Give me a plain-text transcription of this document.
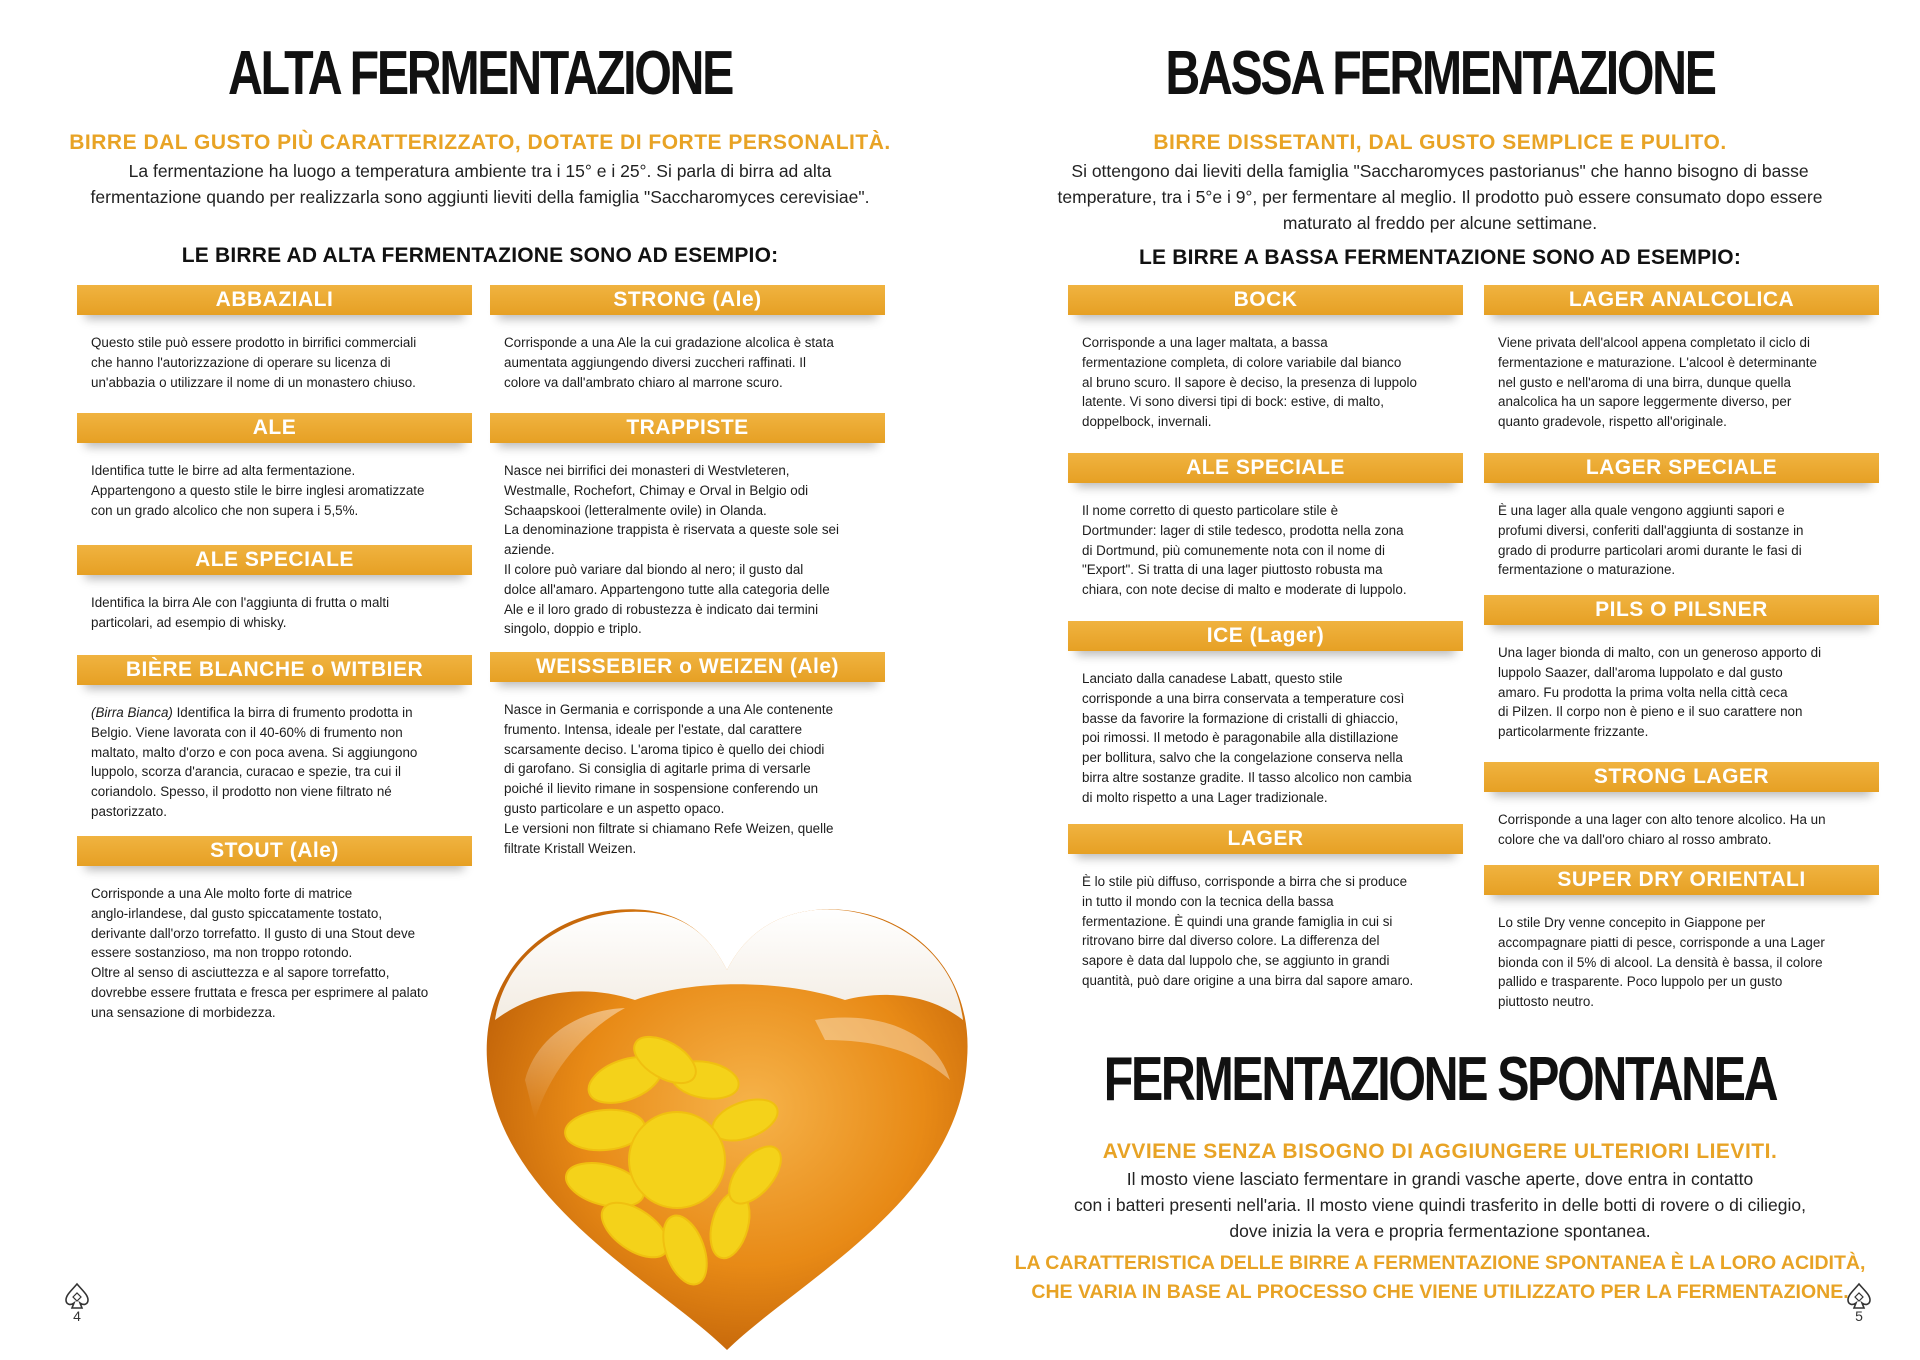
ALTA FERMENTAZIONE
BIRRE DAL GUSTO PIÙ CARATTERIZZATO, DOTATE DI FORTE PERSONALITÀ.
La fermentazione ha luogo a temperatura ambiente tra i 15° e i 25°. Si parla di birra ad alta
fermentazione quando per realizzarla sono aggiunti lieviti della famiglia "Saccharomyces cerevisiae".
LE BIRRE AD ALTA FERMENTAZIONE SONO AD ESEMPIO:
ABBAZIALI
Questo stile può essere prodotto in birrifici commerciali
che hanno l'autorizzazione di operare su licenza di
un'abbazia o utilizzare il nome di un monastero chiuso.
STRONG (Ale)
Corrisponde a una Ale la cui gradazione alcolica è stata
aumentata aggiungendo diversi zuccheri raffinati. Il
colore va dall'ambrato chiaro al marrone scuro.
ALE
Identifica tutte le birre ad alta fermentazione.
Appartengono a questo stile le birre inglesi aromatizzate
con un grado alcolico che non supera i 5,5%.
TRAPPISTE
Nasce nei birrifici dei monasteri di Westvleteren,
Westmalle, Rochefort, Chimay e Orval in Belgio odi
Schaapskooi (letteralmente ovile) in Olanda.
La denominazione trappista è riservata a queste sole sei
aziende.
Il colore può variare dal biondo al nero; il gusto dal
dolce all'amaro. Appartengono tutte alla categoria delle
Ale e il loro grado di robustezza è indicato dai termini
singolo, doppio e triplo.
ALE SPECIALE
Identifica la birra Ale con l'aggiunta di frutta o malti
particolari, ad esempio di whisky.
BIÈRE BLANCHE o WITBIER
(Birra Bianca) Identifica la birra di frumento prodotta in
Belgio. Viene lavorata con il 40-60% di frumento non
maltato, malto d'orzo e con poca avena. Si aggiungono
luppolo, scorza d'arancia, curacao e spezie, tra cui il
coriandolo. Spesso, il prodotto non viene filtrato né
pastorizzato.
WEISSEBIER o WEIZEN (Ale)
Nasce in Germania e corrisponde a una Ale contenente
frumento. Intensa, ideale per l'estate, dal carattere
scarsamente deciso. L'aroma tipico è quello dei chiodi
di garofano. Si consiglia di agitarle prima di versarle
poiché il lievito rimane in sospensione conferendo un
gusto particolare e un aspetto opaco.
Le versioni non filtrate si chiamano Refe Weizen, quelle
filtrate Kristall Weizen.
STOUT (Ale)
Corrisponde a una Ale molto forte di matrice
anglo-irlandese, dal gusto spiccatamente tostato,
derivante dall'orzo torrefatto. Il gusto di una Stout deve
essere sostanzioso, ma non troppo rotondo.
Oltre al senso di asciuttezza e al sapore torrefatto,
dovrebbe essere fruttata e fresca per esprimere al palato
una sensazione di morbidezza.
4
BASSA FERMENTAZIONE
BIRRE DISSETANTI, DAL GUSTO SEMPLICE E PULITO.
Si ottengono dai lieviti della famiglia "Saccharomyces pastorianus" che hanno bisogno di basse
temperature, tra i 5°e i 9°, per fermentare al meglio. Il prodotto può essere consumato dopo essere
maturato al freddo per alcune settimane.
LE BIRRE A BASSA FERMENTAZIONE SONO AD ESEMPIO:
BOCK
Corrisponde a una lager maltata, a bassa
fermentazione completa, di colore variabile dal bianco
al bruno scuro. Il sapore è deciso, la presenza di luppolo
latente. Vi sono diversi tipi di bock: estive, di malto,
doppelbock, invernali.
LAGER ANALCOLICA
Viene privata dell'alcool appena completato il ciclo di
fermentazione e maturazione. L'alcool è determinante
nel gusto e nell'aroma di una birra, dunque quella
analcolica ha un sapore leggermente diverso, per
quanto gradevole, rispetto all'originale.
ALE SPECIALE
Il nome corretto di questo particolare stile è
Dortmunder: lager di stile tedesco, prodotta nella zona
di Dortmund, più comunemente nota con il nome di
"Export". Si tratta di una lager piuttosto robusta ma
chiara, con note decise di malto e moderate di luppolo.
LAGER SPECIALE
È una lager alla quale vengono aggiunti sapori e
profumi diversi, conferiti dall'aggiunta di sostanze in
grado di produrre particolari aromi durante le fasi di
fermentazione o maturazione.
PILS O PILSNER
Una lager bionda di malto, con un generoso apporto di
luppolo Saazer, dall'aroma luppolato e dal gusto
amaro. Fu prodotta la prima volta nella città ceca
di Pilzen. Il corpo non è pieno e il suo carattere non
particolarmente frizzante.
ICE (Lager)
Lanciato dalla canadese Labatt, questo stile
corrisponde a una birra conservata a temperature così
basse da favorire la formazione di cristalli di ghiaccio,
poi rimossi. Il metodo è paragonabile alla distillazione
per bollitura, salvo che la congelazione conserva nella
birra altre sostanze gradite. Il tasso alcolico non cambia
di molto rispetto a una Lager tradizionale.
STRONG LAGER
Corrisponde a una lager con alto tenore alcolico. Ha un
colore che va dall'oro chiaro al rosso ambrato.
LAGER
È lo stile più diffuso, corrisponde a birra che si produce
in tutto il mondo con la tecnica della bassa
fermentazione. È quindi una grande famiglia in cui si
ritrovano birre dal diverso colore. La differenza del
sapore è data dal luppolo che, se aggiunto in grandi
quantità, può dare origine a una birra dal sapore amaro.
SUPER DRY ORIENTALI
Lo stile Dry venne concepito in Giappone per
accompagnare piatti di pesce, corrisponde a una Lager
bionda con il 5% di alcool. La densità è bassa, il colore
pallido e trasparente. Poco luppolo per un gusto
piuttosto neutro.
FERMENTAZIONE SPONTANEA
AVVIENE SENZA BISOGNO DI AGGIUNGERE ULTERIORI LIEVITI.
Il mosto viene lasciato fermentare in grandi vasche aperte, dove entra in contatto
con i batteri presenti nell'aria. Il mosto viene quindi trasferito in delle botti di rovere o di ciliegio,
dove inizia la vera e propria fermentazione spontanea.
LA CARATTERISTICA DELLE BIRRE A FERMENTAZIONE SPONTANEA È LA LORO ACIDITÀ,
CHE VARIA IN BASE AL PROCESSO CHE VIENE UTILIZZATO PER LA FERMENTAZIONE.
5
